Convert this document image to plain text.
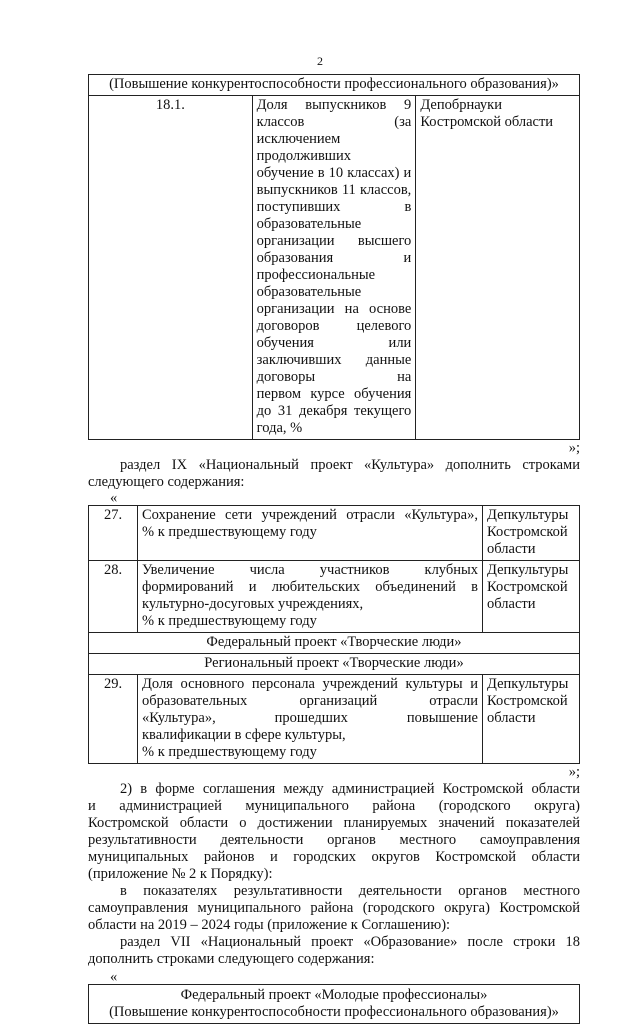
2
(Повышение конкурентоспособности профессионального образования)»
18.1.	Доля выпускников 9 классов (за исключением
продолживших обучение в 10 классах) и
выпускников 11 классов, поступивших в
образовательные организации высшего
образования и профессиональные образовательные
организации на основе договоров целевого
обучения или заключивших данные договоры на
первом курсе обучения до 31 декабря текущего
года, %
	Депобрнауки Костромской области

»;

раздел IX «Национальный проект «Культура» дополнить строками
следующего содержания:

«

27.	Сохранение сети учреждений отрасли «Культура»,
% к предшествующему году	Депкультуры Костромской области
28.	Увеличение числа участников клубных
формирований и любительских объединений в
культурно-досуговых учреждениях,
% к предшествующему году	Депкультуры Костромской области
Федеральный проект «Творческие люди»		
Региональный проект «Творческие люди»		
29.	Доля основного персонала учреждений культуры и
образовательных организаций отрасли
«Культура», прошедших повышение
квалификации в сфере культуры,
% к предшествующему году	Депкультуры Костромской области

»;

2) в форме соглашения между администрацией Костромской области
и администрацией муниципального района (городского округа)
Костромской области о достижении планируемых значений показателей
результативности деятельности органов местного самоуправления
муниципальных районов и городских округов Костромской области
(приложение № 2 к Порядку):

в показателях результативности деятельности органов местного
самоуправления муниципального района (городского округа) Костромской
области на 2019 – 2024 годы (приложение к Соглашению):

раздел VII «Национальный проект «Образование» после строки 18
дополнить строками следующего содержания:

«

Федеральный проект «Молодые профессионалы»
(Повышение конкурентоспособности профессионального образования)»
